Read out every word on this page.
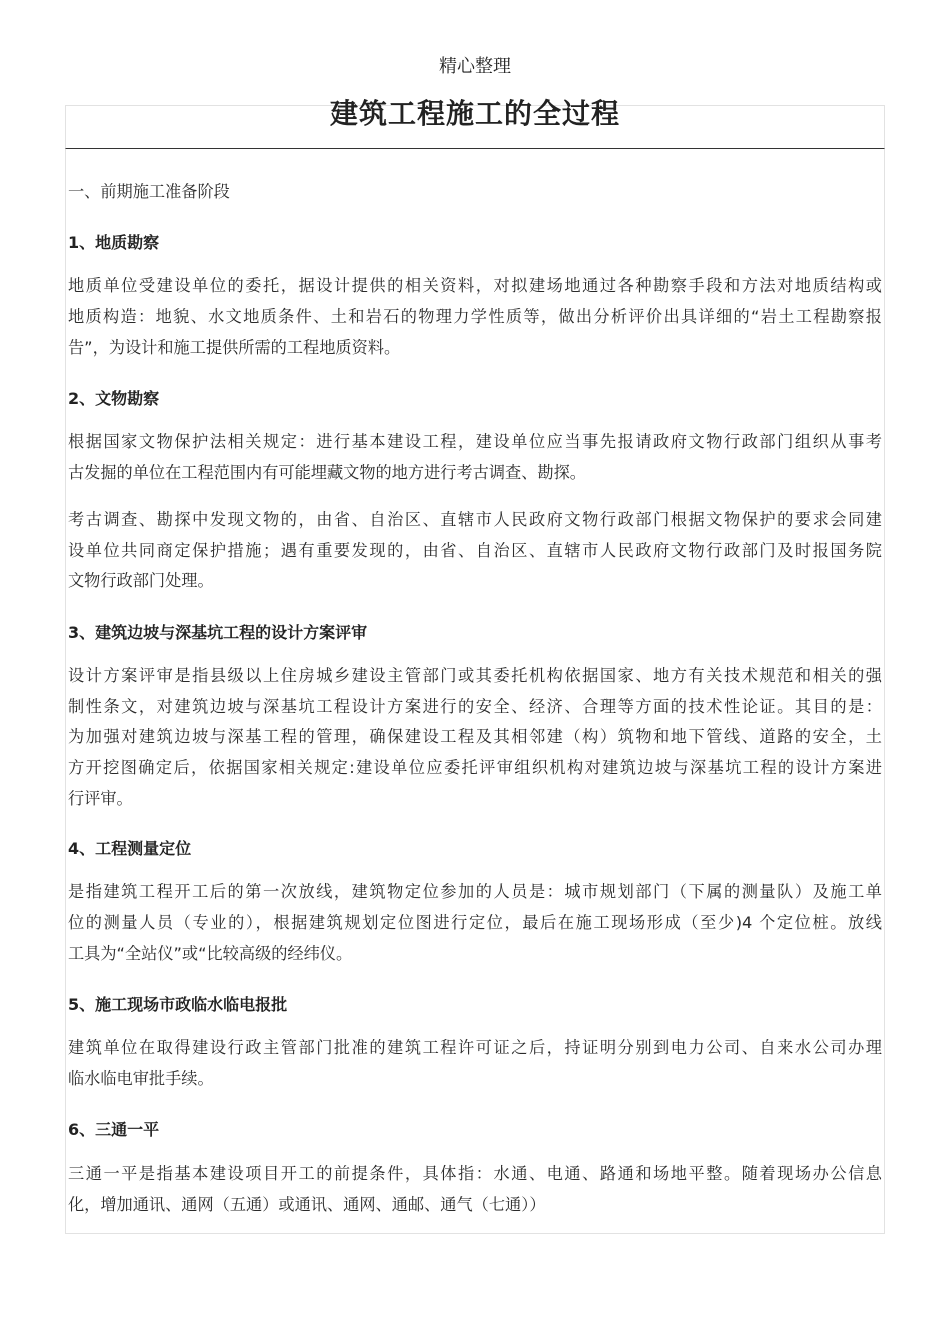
精心整理
建筑工程施工的全过程
一、前期施工准备阶段
1、地质勘察
地质单位受建设单位的委托，据设计提供的相关资料，对拟建场地通过各种勘察手段和方法对地质结构或
地质构造：地貌、水文地质条件、土和岩石的物理力学性质等，做出分析评价出具详细的“岩土工程勘察报
告”，为设计和施工提供所需的工程地质资料。
2、文物勘察
根据国家文物保护法相关规定：进行基本建设工程，建设单位应当事先报请政府文物行政部门组织从事考
古发掘的单位在工程范围内有可能埋藏文物的地方进行考古调查、勘探。
考古调查、勘探中发现文物的，由省、自治区、直辖市人民政府文物行政部门根据文物保护的要求会同建
设单位共同商定保护措施；遇有重要发现的，由省、自治区、直辖市人民政府文物行政部门及时报国务院
文物行政部门处理。
3、建筑边坡与深基坑工程的设计方案评审
设计方案评审是指县级以上住房城乡建设主管部门或其委托机构依据国家、地方有关技术规范和相关的强
制性条文，对建筑边坡与深基坑工程设计方案进行的安全、经济、合理等方面的技术性论证。其目的是：
为加强对建筑边坡与深基工程的管理，确保建设工程及其相邻建（构）筑物和地下管线、道路的安全，土
方开挖图确定后，依据国家相关规定:建设单位应委托评审组织机构对建筑边坡与深基坑工程的设计方案进
行评审。
4、工程测量定位
是指建筑工程开工后的第一次放线，建筑物定位参加的人员是：城市规划部门（下属的测量队）及施工单
位的测量人员（专业的），根据建筑规划定位图进行定位，最后在施工现场形成（至少)4 个定位桩。放线
工具为“全站仪”或“比较高级的经纬仪。
5、施工现场市政临水临电报批
建筑单位在取得建设行政主管部门批准的建筑工程许可证之后，持证明分别到电力公司、自来水公司办理
临水临电审批手续。
6、三通一平
三通一平是指基本建设项目开工的前提条件，具体指：水通、电通、路通和场地平整。随着现场办公信息
化，增加通讯、通网（五通）或通讯、通网、通邮、通气（七通））
